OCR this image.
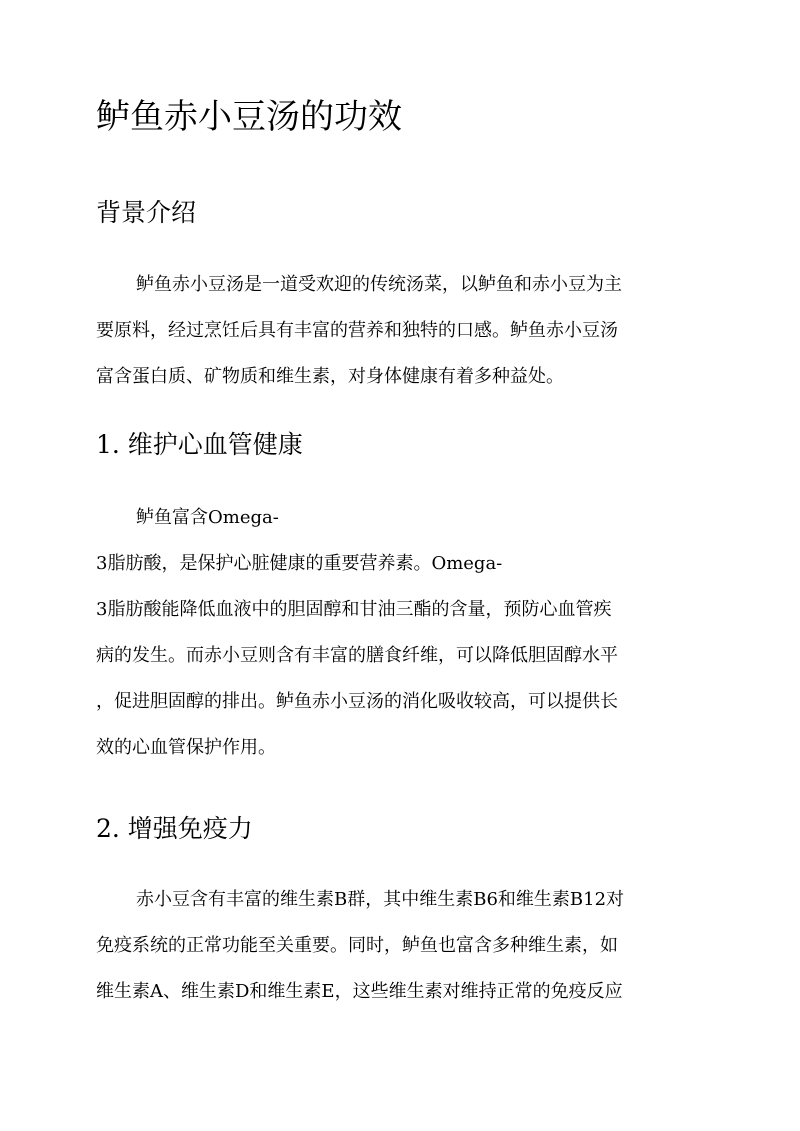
鲈鱼赤小豆汤的功效
背景介绍
鲈鱼赤小豆汤是一道受欢迎的传统汤菜，以鲈鱼和赤小豆为主
要原料，经过烹饪后具有丰富的营养和独特的口感。鲈鱼赤小豆汤
富含蛋白质、矿物质和维生素，对身体健康有着多种益处。
1. 维护心血管健康
鲈鱼富含Omega-
3脂肪酸，是保护心脏健康的重要营养素。Omega-
3脂肪酸能降低血液中的胆固醇和甘油三酯的含量，预防心血管疾
病的发生。而赤小豆则含有丰富的膳食纤维，可以降低胆固醇水平
，促进胆固醇的排出。鲈鱼赤小豆汤的消化吸收较高，可以提供长
效的心血管保护作用。
2. 增强免疫力
赤小豆含有丰富的维生素B群，其中维生素B6和维生素B12对
免疫系统的正常功能至关重要。同时，鲈鱼也富含多种维生素，如
维生素A、维生素D和维生素E，这些维生素对维持正常的免疫反应
